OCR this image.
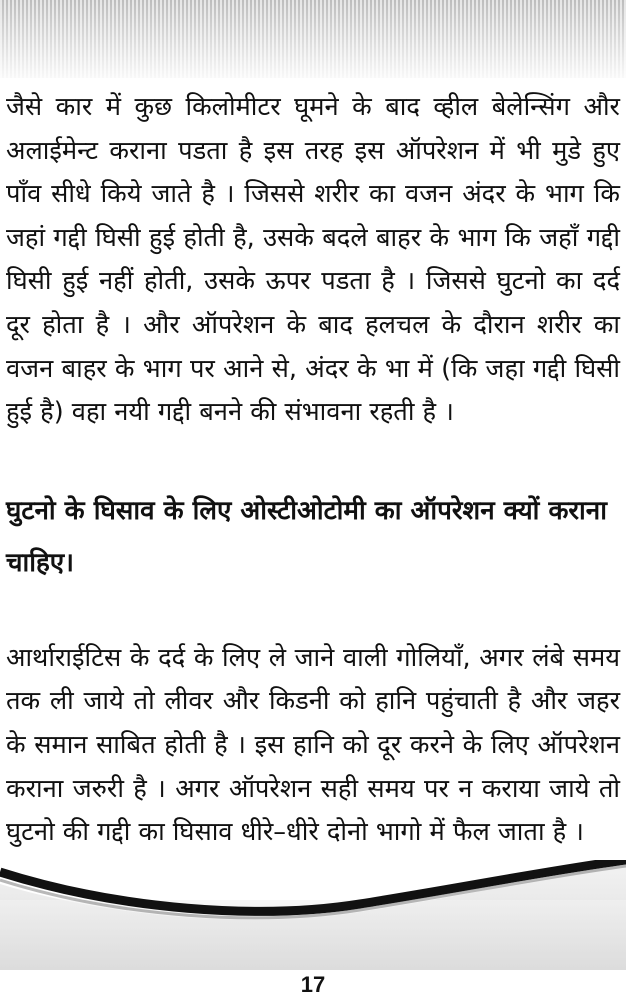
जैसे कार में कुछ किलोमीटर घूमने के बाद व्हील बेलेन्सिंग और अलाईमेन्ट कराना पडता है इस तरह इस ऑपरेशन में भी मुडे हुए पाँव सीधे किये जाते है । जिससे शरीर का वजन अंदर के भाग कि जहां गद्दी घिसी हुई होती है, उसके बदले बाहर के भाग कि जहाँ गद्दी घिसी हुई नहीं होती, उसके ऊपर पडता है । जिससे घुटनो का दर्द दूर होता है । और ऑपरेशन के बाद हलचल के दौरान शरीर का वजन बाहर के भाग पर आने से, अंदर के भा में (कि जहा गद्दी घिसी हुई है) वहा नयी गद्दी बनने की संभावना रहती है ।

घुटनो के घिसाव के लिए ओस्टीओटोमी का ऑपरेशन क्यों कराना चाहिए।

आर्थाराईटिस के दर्द के लिए ले जाने वाली गोलियाँ, अगर लंबे समय तक ली जाये तो लीवर और किडनी को हानि पहुंचाती है और जहर के समान साबित होती है । इस हानि को दूर करने के लिए ऑपरेशन कराना जरुरी है । अगर ऑपरेशन सही समय पर न कराया जाये तो घुटनो की गद्दी का घिसाव धीरे–धीरे दोनो भागो में फैल जाता है ।

17
